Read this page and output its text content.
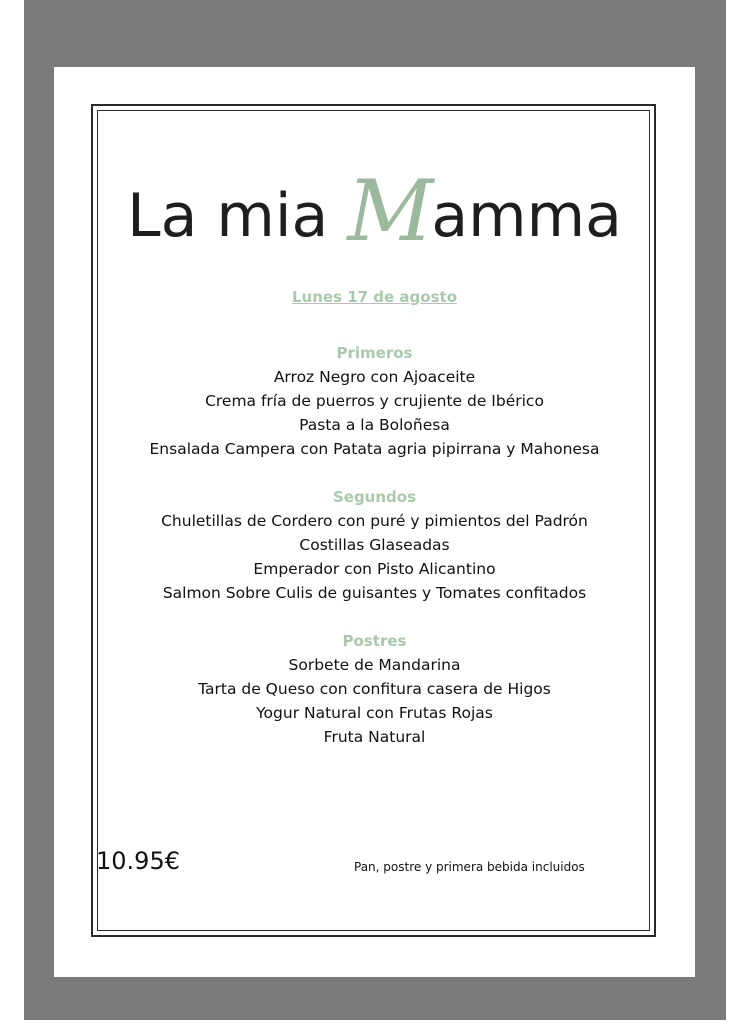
La mia Mamma
Lunes 17 de agosto
Primeros
Arroz Negro con Ajoaceite
Crema fría de puerros y crujiente de Ibérico
Pasta a la Boloñesa
Ensalada Campera con Patata agria pipirrana y Mahonesa
Segundos
Chuletillas de Cordero con puré y pimientos del Padrón
Costillas Glaseadas
Emperador con Pisto Alicantino
Salmon Sobre Culis de guisantes y Tomates confitados
Postres
Sorbete de Mandarina
Tarta de Queso con confitura casera de Higos
Yogur Natural con Frutas Rojas
Fruta Natural
10.95€	Pan, postre y primera bebida incluidos
